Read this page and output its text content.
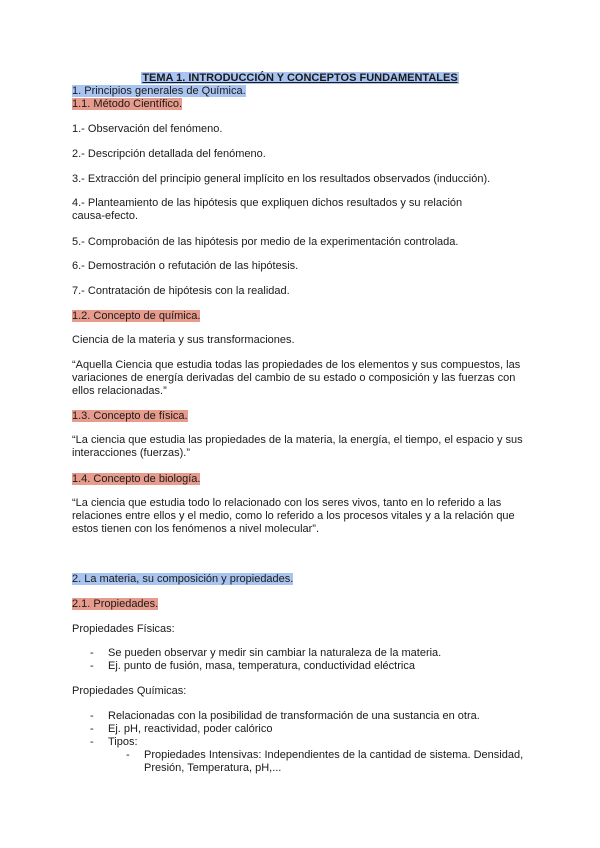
TEMA 1. INTRODUCCIÓN Y CONCEPTOS FUNDAMENTALES
1. Principios generales de Química.
1.1. Método Científico.
1.- Observación del fenómeno.
2.- Descripción detallada del fenómeno.
3.- Extracción del principio general implícito en los resultados observados (inducción).
4.- Planteamiento de las hipótesis que expliquen dichos resultados y su relación causa-efecto.
5.- Comprobación de las hipótesis por medio de la experimentación controlada.
6.- Demostración o refutación de las hipótesis.
7.- Contratación de hipótesis con la realidad.
1.2. Concepto de química.
Ciencia de la materia y sus transformaciones.
“Aquella Ciencia que estudia todas las propiedades de los elementos y sus compuestos, las variaciones de energía derivadas del cambio de su estado o composición y las fuerzas con ellos relacionadas.”
1.3. Concepto de física.
“La ciencia que estudia las propiedades de la materia, la energía, el tiempo, el espacio y sus interacciones (fuerzas).”
1.4. Concepto de biología.
“La ciencia que estudia todo lo relacionado con los seres vivos, tanto en lo referido a las relaciones entre ellos y el medio, como lo referido a los procesos vitales y a la relación que estos tienen con los fenómenos a nivel molecular”.
2. La materia, su composición y propiedades.
2.1. Propiedades.
Propiedades Físicas:
- Se pueden observar y medir sin cambiar la naturaleza de la materia.
- Ej. punto de fusión, masa, temperatura, conductividad eléctrica
Propiedades Químicas:
- Relacionadas con la posibilidad de transformación de una sustancia en otra.
- Ej. pH, reactividad, poder calórico
- Tipos:
- Propiedades Intensivas: Independientes de la cantidad de sistema. Densidad, Presión, Temperatura, pH,...
